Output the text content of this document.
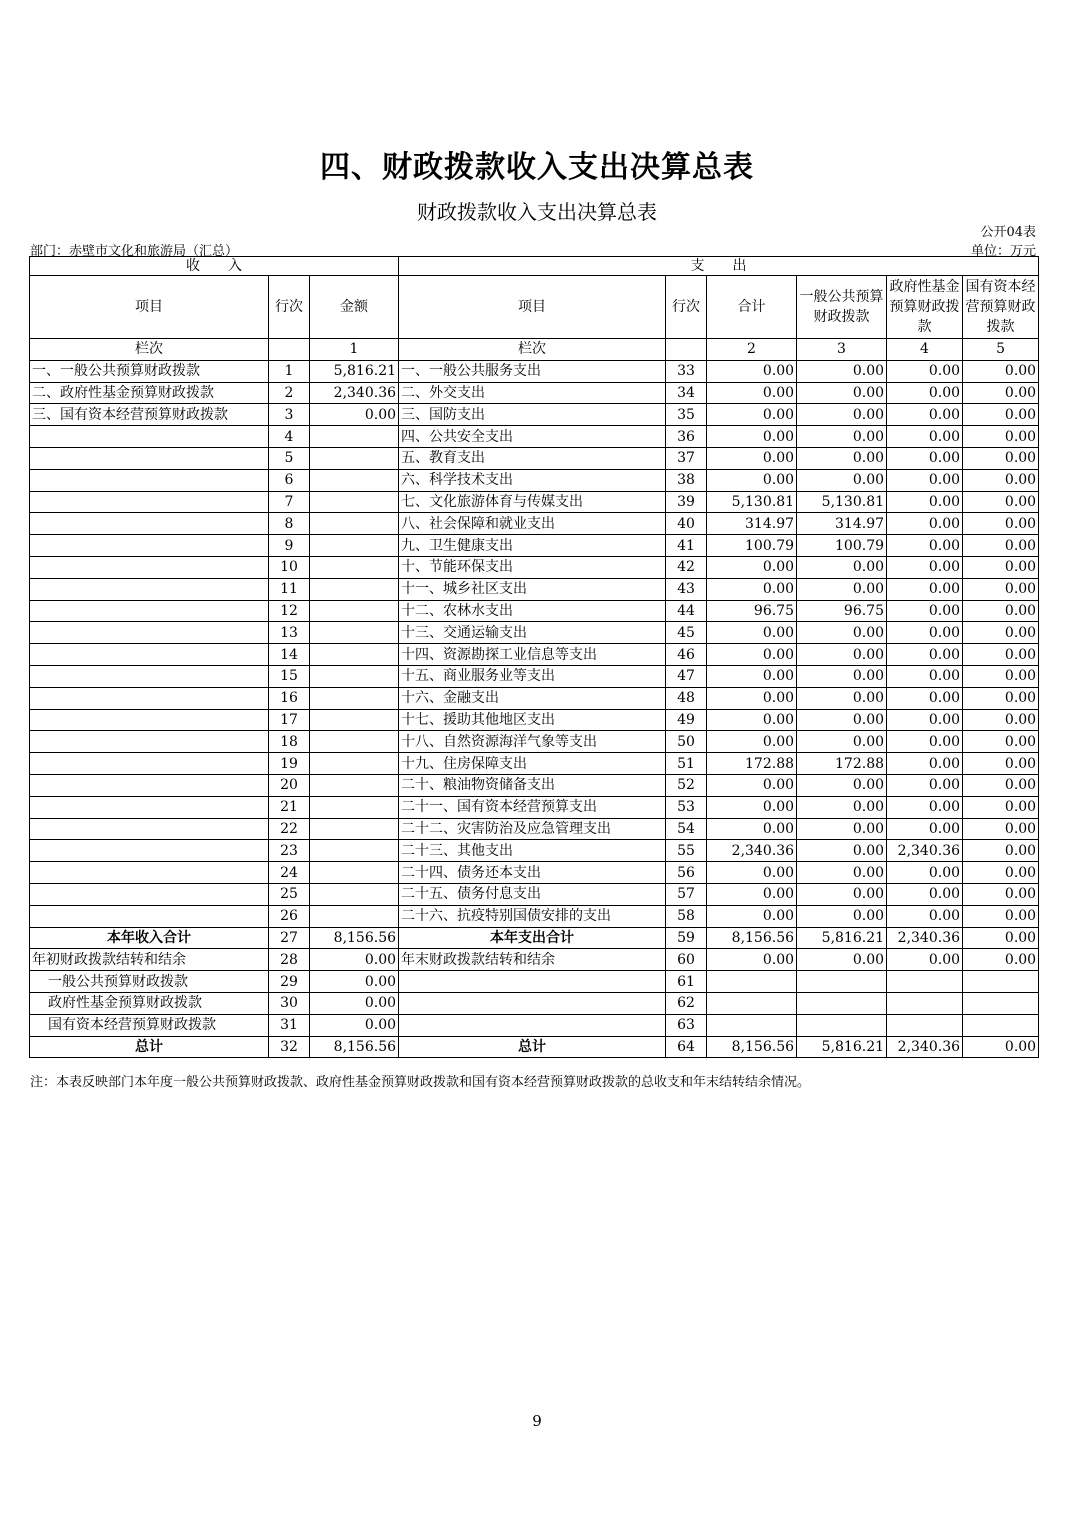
四、财政拨款收入支出决算总表
财政拨款收入支出决算总表
公开04表
部门：赤壁市文化和旅游局（汇总）	单位：万元
收　　入			支　　出					
项目	行次	金额	项目	行次	合计	一般公共预算财政拨款	政府性基金预算财政拨款	国有资本经营预算财政拨款
栏次		1	栏次		2	3	4	5
一、一般公共预算财政拨款	1	5,816.21	一、一般公共服务支出	33	0.00	0.00	0.00	0.00
二、政府性基金预算财政拨款	2	2,340.36	二、外交支出	34	0.00	0.00	0.00	0.00
三、国有资本经营预算财政拨款	3	0.00	三、国防支出	35	0.00	0.00	0.00	0.00
	4		四、公共安全支出	36	0.00	0.00	0.00	0.00
	5		五、教育支出	37	0.00	0.00	0.00	0.00
	6		六、科学技术支出	38	0.00	0.00	0.00	0.00
	7		七、文化旅游体育与传媒支出	39	5,130.81	5,130.81	0.00	0.00
	8		八、社会保障和就业支出	40	314.97	314.97	0.00	0.00
	9		九、卫生健康支出	41	100.79	100.79	0.00	0.00
	10		十、节能环保支出	42	0.00	0.00	0.00	0.00
	11		十一、城乡社区支出	43	0.00	0.00	0.00	0.00
	12		十二、农林水支出	44	96.75	96.75	0.00	0.00
	13		十三、交通运输支出	45	0.00	0.00	0.00	0.00
	14		十四、资源勘探工业信息等支出	46	0.00	0.00	0.00	0.00
	15		十五、商业服务业等支出	47	0.00	0.00	0.00	0.00
	16		十六、金融支出	48	0.00	0.00	0.00	0.00
	17		十七、援助其他地区支出	49	0.00	0.00	0.00	0.00
	18		十八、自然资源海洋气象等支出	50	0.00	0.00	0.00	0.00
	19		十九、住房保障支出	51	172.88	172.88	0.00	0.00
	20		二十、粮油物资储备支出	52	0.00	0.00	0.00	0.00
	21		二十一、国有资本经营预算支出	53	0.00	0.00	0.00	0.00
	22		二十二、灾害防治及应急管理支出	54	0.00	0.00	0.00	0.00
	23		二十三、其他支出	55	2,340.36	0.00	2,340.36	0.00
	24		二十四、债务还本支出	56	0.00	0.00	0.00	0.00
	25		二十五、债务付息支出	57	0.00	0.00	0.00	0.00
	26		二十六、抗疫特别国债安排的支出	58	0.00	0.00	0.00	0.00
本年收入合计	27	8,156.56	本年支出合计	59	8,156.56	5,816.21	2,340.36	0.00
年初财政拨款结转和结余	28	0.00	年末财政拨款结转和结余	60	0.00	0.00	0.00	0.00
一般公共预算财政拨款	29	0.00		61				
政府性基金预算财政拨款	30	0.00		62				
国有资本经营预算财政拨款	31	0.00		63				
总计	32	8,156.56	总计	64	8,156.56	5,816.21	2,340.36	0.00
注：本表反映部门本年度一般公共预算财政拨款、政府性基金预算财政拨款和国有资本经营预算财政拨款的总收支和年末结转结余情况。
9
